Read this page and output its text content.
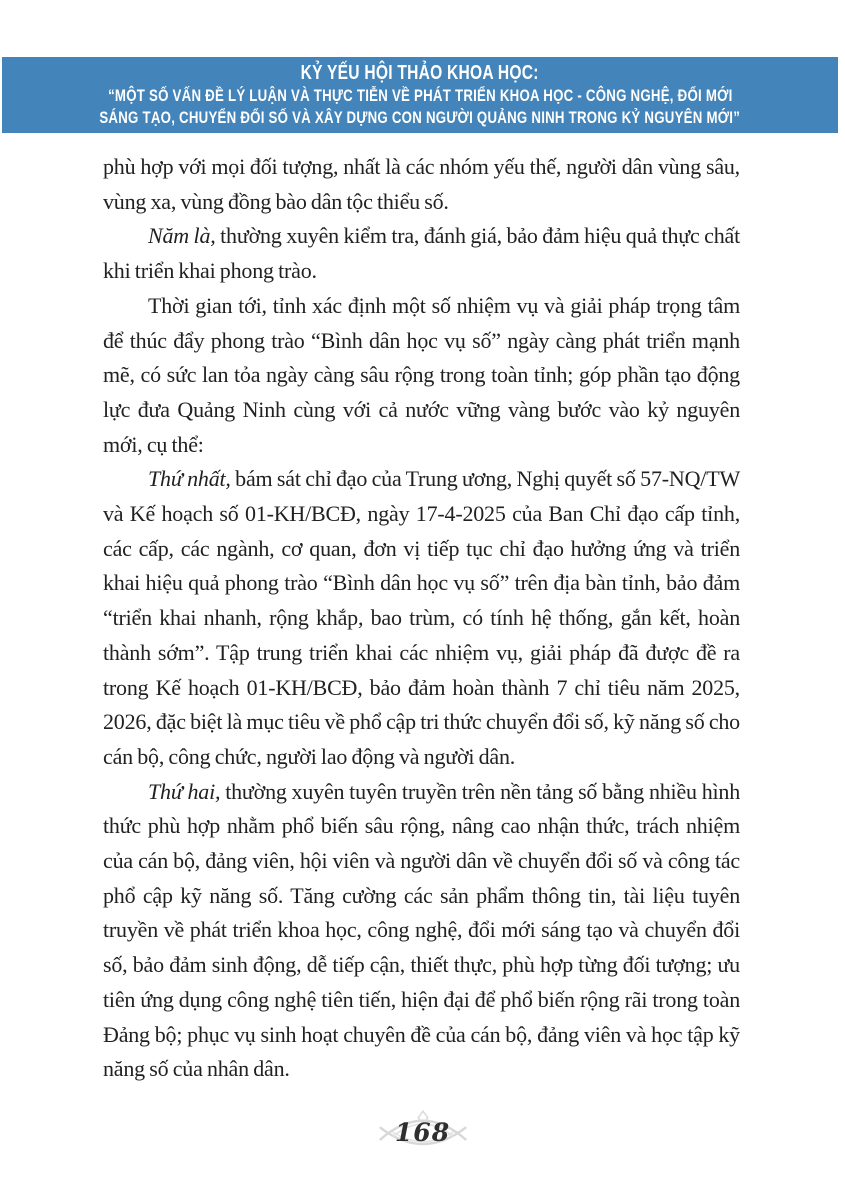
KỶ YẾU HỘI THẢO KHOA HỌC:
“MỘT SỐ VẤN ĐỀ LÝ LUẬN VÀ THỰC TIỄN VỀ PHÁT TRIỂN KHOA HỌC - CÔNG NGHỆ, ĐỔI MỚI
SÁNG TẠO, CHUYỂN ĐỔI SỐ VÀ XÂY DỰNG CON NGƯỜI QUẢNG NINH TRONG KỶ NGUYÊN MỚI”

phù hợp với mọi đối tượng, nhất là các nhóm yếu thế, người dân vùng sâu, vùng xa, vùng đồng bào dân tộc thiểu số.

Năm là, thường xuyên kiểm tra, đánh giá, bảo đảm hiệu quả thực chất khi triển khai phong trào.

Thời gian tới, tỉnh xác định một số nhiệm vụ và giải pháp trọng tâm để thúc đẩy phong trào “Bình dân học vụ số” ngày càng phát triển mạnh mẽ, có sức lan tỏa ngày càng sâu rộng trong toàn tỉnh; góp phần tạo động lực đưa Quảng Ninh cùng với cả nước vững vàng bước vào kỷ nguyên mới, cụ thể:

Thứ nhất, bám sát chỉ đạo của Trung ương, Nghị quyết số 57-NQ/TW và Kế hoạch số 01-KH/BCĐ, ngày 17-4-2025 của Ban Chỉ đạo cấp tỉnh, các cấp, các ngành, cơ quan, đơn vị tiếp tục chỉ đạo hưởng ứng và triển khai hiệu quả phong trào “Bình dân học vụ số” trên địa bàn tỉnh, bảo đảm “triển khai nhanh, rộng khắp, bao trùm, có tính hệ thống, gắn kết, hoàn thành sớm”. Tập trung triển khai các nhiệm vụ, giải pháp đã được đề ra trong Kế hoạch 01-KH/BCĐ, bảo đảm hoàn thành 7 chỉ tiêu năm 2025, 2026, đặc biệt là mục tiêu về phổ cập tri thức chuyển đổi số, kỹ năng số cho cán bộ, công chức, người lao động và người dân.

Thứ hai, thường xuyên tuyên truyền trên nền tảng số bằng nhiều hình thức phù hợp nhằm phổ biến sâu rộng, nâng cao nhận thức, trách nhiệm của cán bộ, đảng viên, hội viên và người dân về chuyển đổi số và công tác phổ cập kỹ năng số. Tăng cường các sản phẩm thông tin, tài liệu tuyên truyền về phát triển khoa học, công nghệ, đổi mới sáng tạo và chuyển đổi số, bảo đảm sinh động, dễ tiếp cận, thiết thực, phù hợp từng đối tượng; ưu tiên ứng dụng công nghệ tiên tiến, hiện đại để phổ biến rộng rãi trong toàn Đảng bộ; phục vụ sinh hoạt chuyên đề của cán bộ, đảng viên và học tập kỹ năng số của nhân dân.

168
